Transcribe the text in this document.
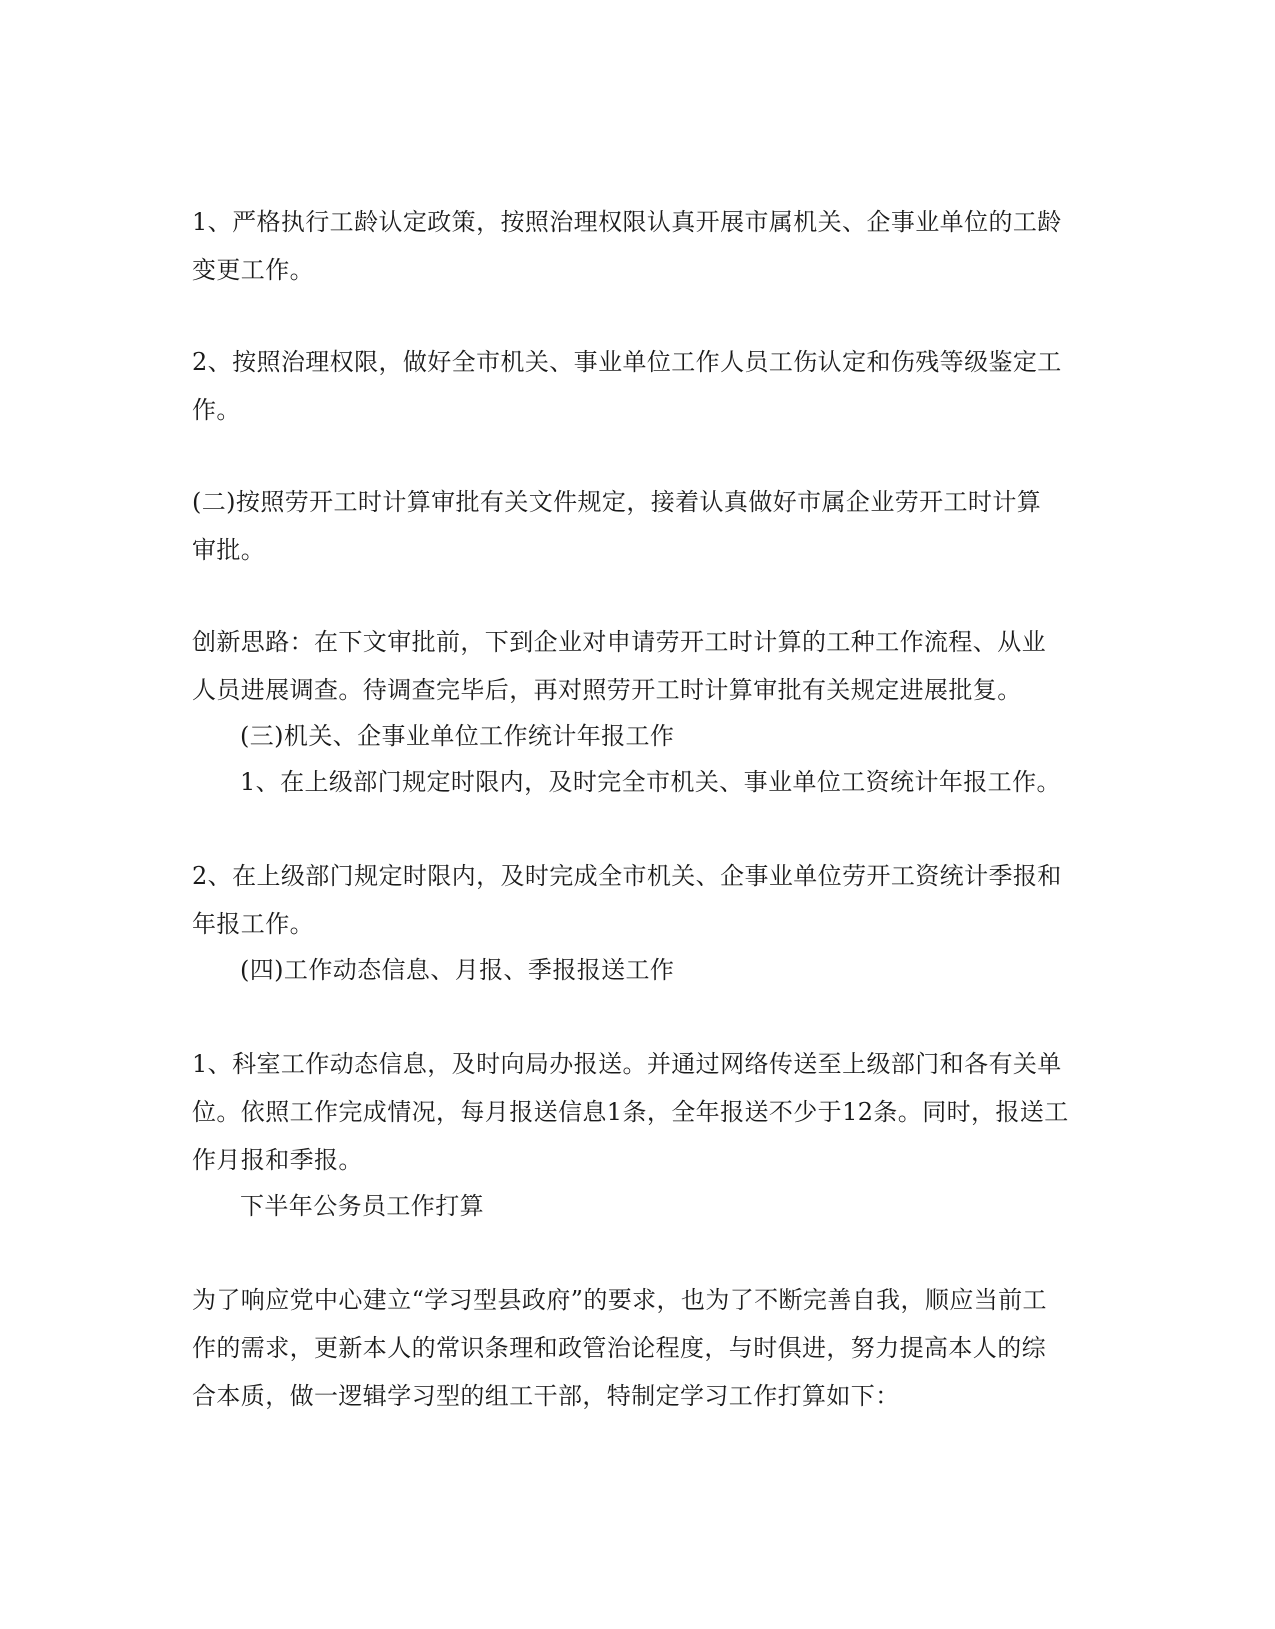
1、严格执行工龄认定政策，按照治理权限认真开展市属机关、企事业单位的工龄
变更工作。
2、按照治理权限，做好全市机关、事业单位工作人员工伤认定和伤残等级鉴定工
作。
(二)按照劳开工时计算审批有关文件规定，接着认真做好市属企业劳开工时计算
审批。
创新思路：在下文审批前，下到企业对申请劳开工时计算的工种工作流程、从业
人员进展调查。待调查完毕后，再对照劳开工时计算审批有关规定进展批复。
(三)机关、企事业单位工作统计年报工作
1、在上级部门规定时限内，及时完全市机关、事业单位工资统计年报工作。
2、在上级部门规定时限内，及时完成全市机关、企事业单位劳开工资统计季报和
年报工作。
(四)工作动态信息、月报、季报报送工作
1、科室工作动态信息，及时向局办报送。并通过网络传送至上级部门和各有关单
位。依照工作完成情况，每月报送信息1条，全年报送不少于12条。同时，报送工
作月报和季报。
下半年公务员工作打算
为了响应党中心建立“学习型县政府”的要求，也为了不断完善自我，顺应当前工
作的需求，更新本人的常识条理和政管治论程度，与时俱进，努力提高本人的综
合本质，做一逻辑学习型的组工干部，特制定学习工作打算如下：
